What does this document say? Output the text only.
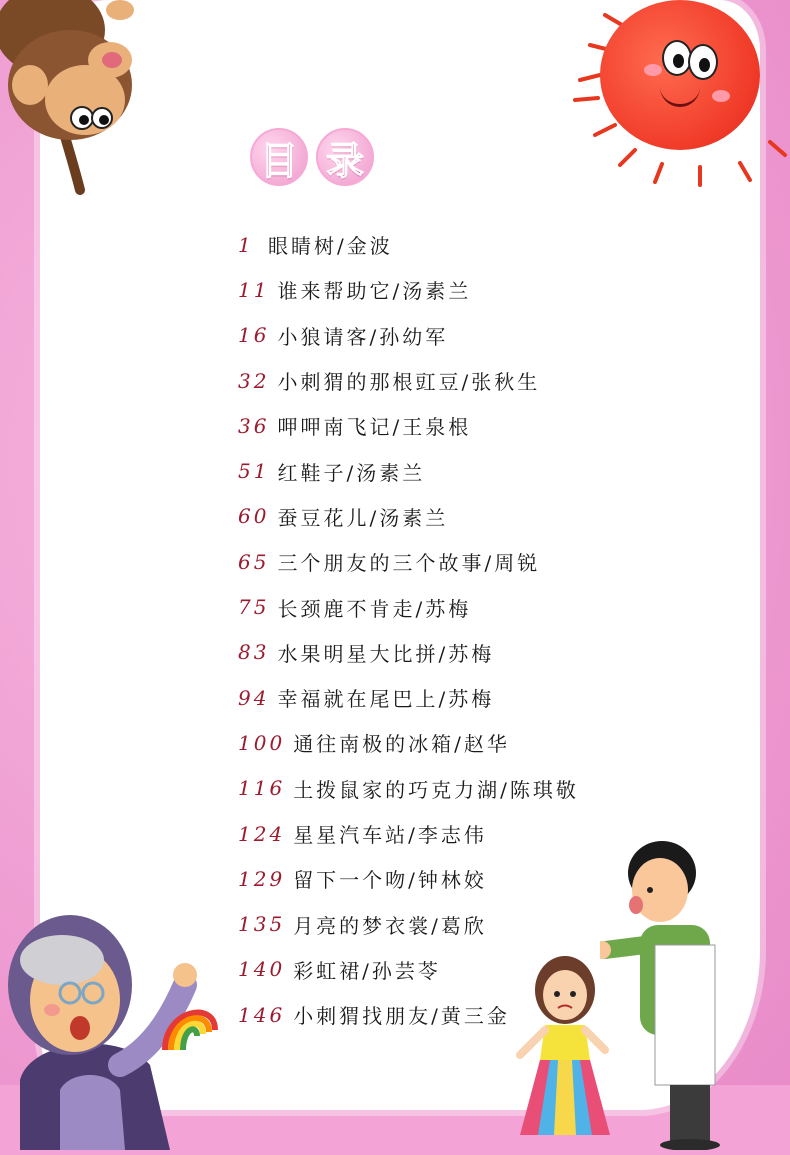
目 录
1 眼睛树/金波
11 谁来帮助它/汤素兰
16 小狼请客/孙幼军
32 小刺猬的那根豇豆/张秋生
36 呷呷南飞记/王泉根
51 红鞋子/汤素兰
60 蚕豆花儿/汤素兰
65 三个朋友的三个故事/周锐
75 长颈鹿不肯走/苏梅
83 水果明星大比拼/苏梅
94 幸福就在尾巴上/苏梅
100 通往南极的冰箱/赵华
116 土拨鼠家的巧克力湖/陈琪敬
124 星星汽车站/李志伟
129 留下一个吻/钟林姣
135 月亮的梦衣裳/葛欣
140 彩虹裙/孙芸苓
146 小刺猬找朋友/黄三金
